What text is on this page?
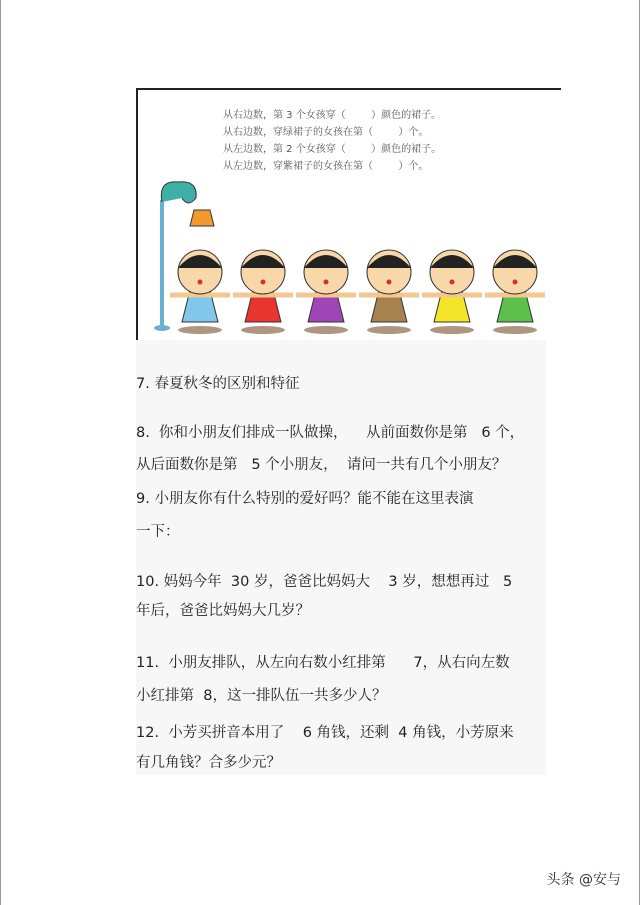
从右边数，第 3 个女孩穿（        ）颜色的裙子。
从右边数，穿绿裙子的女孩在第（        ）个。
从左边数，第 2 个女孩穿（        ）颜色的裙子。
从左边数，穿紫裙子的女孩在第（        ）个。
7. 春夏秋冬的区别和特征
8.  你和小朋友们排成一队做操，    从前面数你是第   6 个，
从后面数你是第   5 个小朋友，  请问一共有几个小朋友？
9. 小朋友你有什么特别的爱好吗？能不能在这里表演
一下：
10. 妈妈今年  30 岁，爸爸比妈妈大    3 岁，想想再过   5
年后，爸爸比妈妈大几岁？
11.  小朋友排队，从左向右数小红排第      7，从右向左数
小红排第  8，这一排队伍一共多少人？
12.  小芳买拼音本用了    6 角钱，还剩  4 角钱，小芳原来
有几角钱？合多少元？
头条 @安与
